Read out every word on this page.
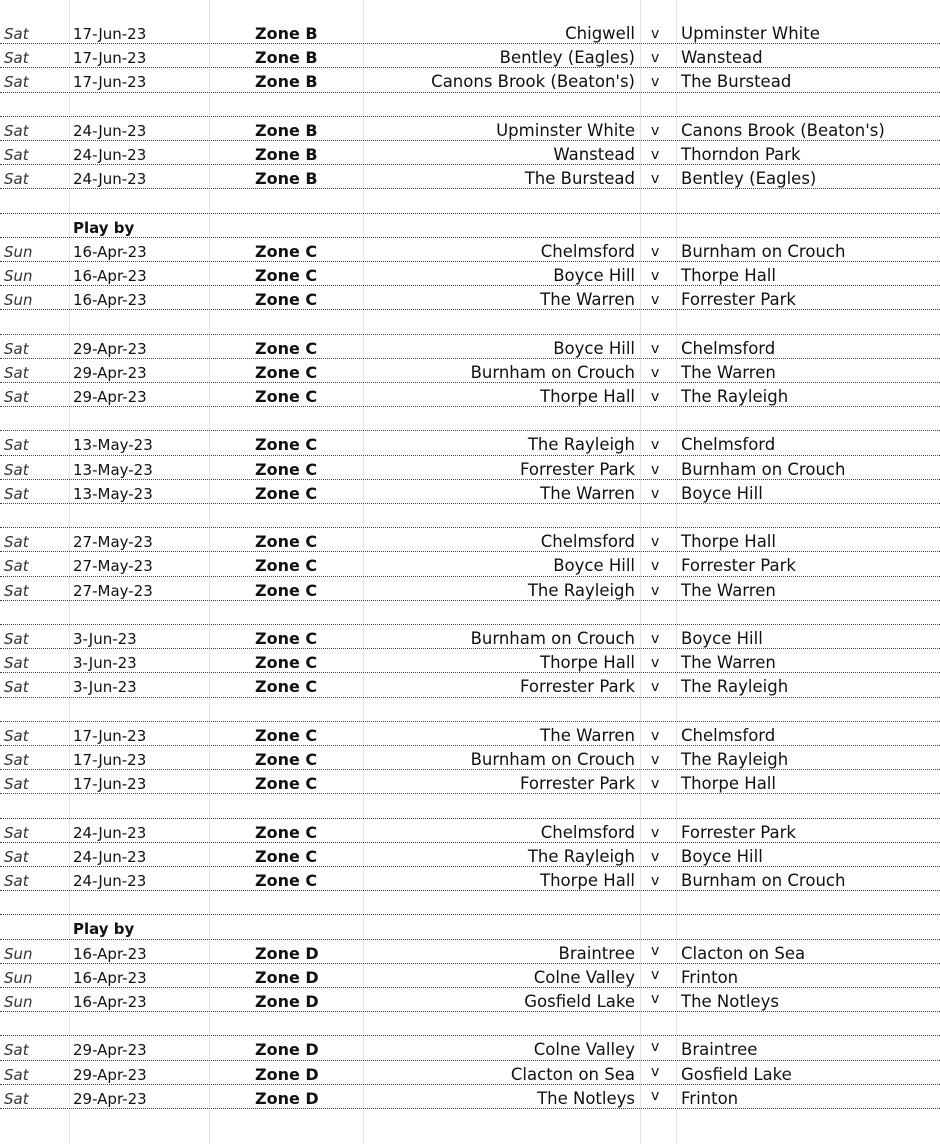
Sat	17-Jun-23	Zone B	Chigwell v Upminster White
Sat	17-Jun-23	Zone B	Bentley (Eagles) v Wanstead
Sat	17-Jun-23	Zone B	Canons Brook (Beaton's) v The Burstead
Sat	24-Jun-23	Zone B	Upminster White v Canons Brook (Beaton's)
Sat	24-Jun-23	Zone B	Wanstead v Thorndon Park
Sat	24-Jun-23	Zone B	The Burstead v Bentley (Eagles)
Play by
Sun	16-Apr-23	Zone C	Chelmsford v Burnham on Crouch
Sun	16-Apr-23	Zone C	Boyce Hill v Thorpe Hall
Sun	16-Apr-23	Zone C	The Warren v Forrester Park
Sat	29-Apr-23	Zone C	Boyce Hill v Chelmsford
Sat	29-Apr-23	Zone C	Burnham on Crouch v The Warren
Sat	29-Apr-23	Zone C	Thorpe Hall v The Rayleigh
Sat	13-May-23	Zone C	The Rayleigh v Chelmsford
Sat	13-May-23	Zone C	Forrester Park v Burnham on Crouch
Sat	13-May-23	Zone C	The Warren v Boyce Hill
Sat	27-May-23	Zone C	Chelmsford v Thorpe Hall
Sat	27-May-23	Zone C	Boyce Hill v Forrester Park
Sat	27-May-23	Zone C	The Rayleigh v The Warren
Sat	3-Jun-23	Zone C	Burnham on Crouch v Boyce Hill
Sat	3-Jun-23	Zone C	Thorpe Hall v The Warren
Sat	3-Jun-23	Zone C	Forrester Park v The Rayleigh
Sat	17-Jun-23	Zone C	The Warren v Chelmsford
Sat	17-Jun-23	Zone C	Burnham on Crouch v The Rayleigh
Sat	17-Jun-23	Zone C	Forrester Park v Thorpe Hall
Sat	24-Jun-23	Zone C	Chelmsford v Forrester Park
Sat	24-Jun-23	Zone C	The Rayleigh v Boyce Hill
Sat	24-Jun-23	Zone C	Thorpe Hall v Burnham on Crouch
Play by
Sun	16-Apr-23	Zone D	Braintree v Clacton on Sea
Sun	16-Apr-23	Zone D	Colne Valley v Frinton
Sun	16-Apr-23	Zone D	Gosfield Lake v The Notleys
Sat	29-Apr-23	Zone D	Colne Valley v Braintree
Sat	29-Apr-23	Zone D	Clacton on Sea v Gosfield Lake
Sat	29-Apr-23	Zone D	The Notleys v Frinton
